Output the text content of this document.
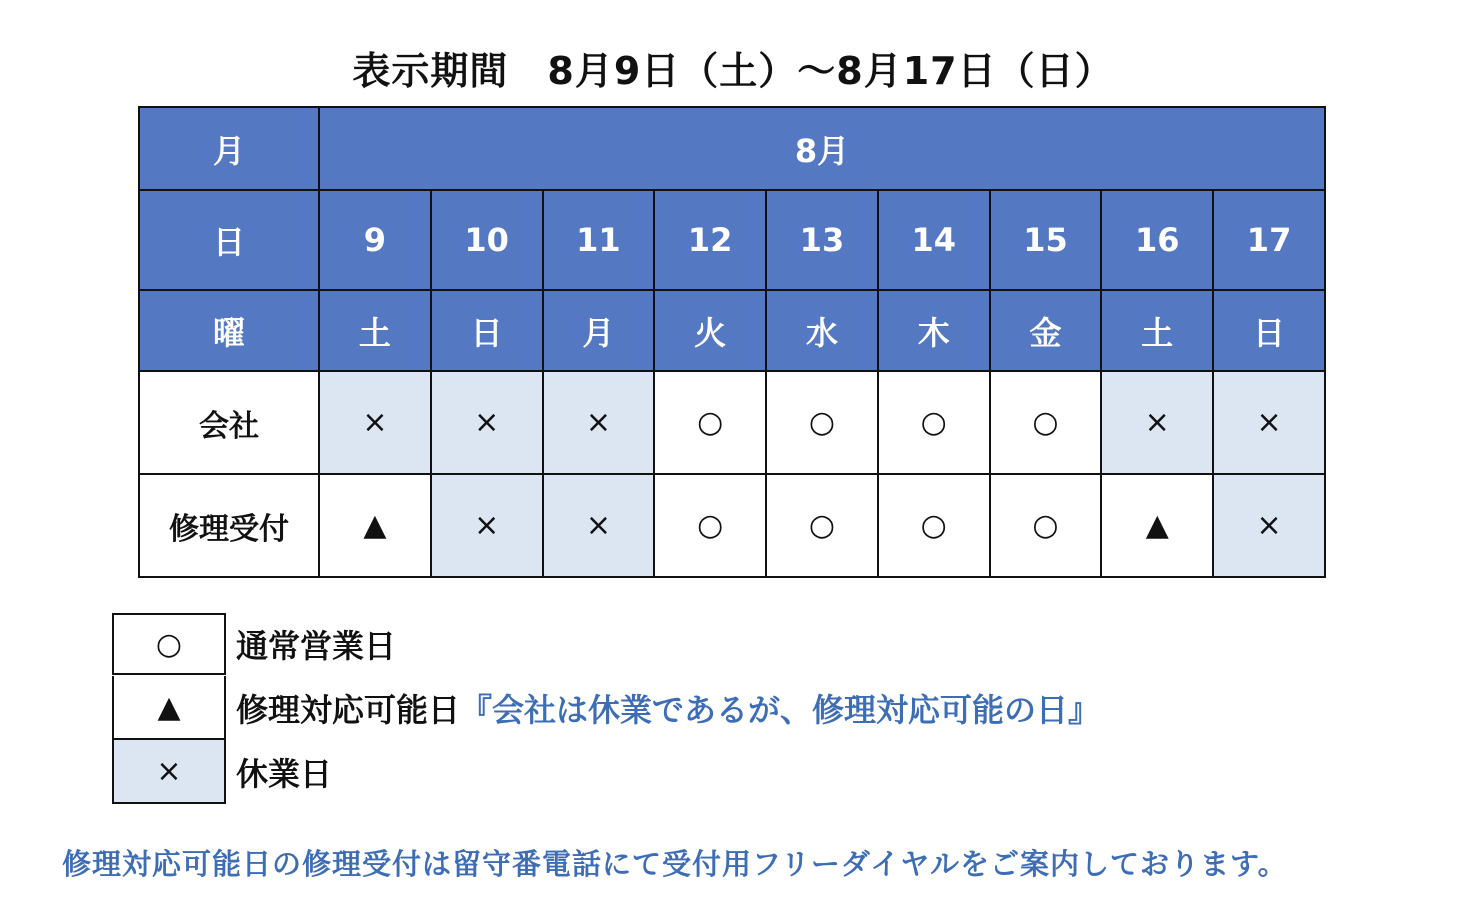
表示期間　8月9日（土）～8月17日（日）
月	8月								
日	9	10	11	12	13	14	15	16	17
曜	土	日	月	火	水	木	金	土	日
会社	×	×	×	○	○	○	○	×	×
修理受付	▲	×	×	○	○	○	○	▲	×
○	通常営業日
▲	修理対応可能日『会社は休業であるが、修理対応可能の日』
×	休業日
修理対応可能日の修理受付は留守番電話にて受付用フリーダイヤルをご案内しております。
